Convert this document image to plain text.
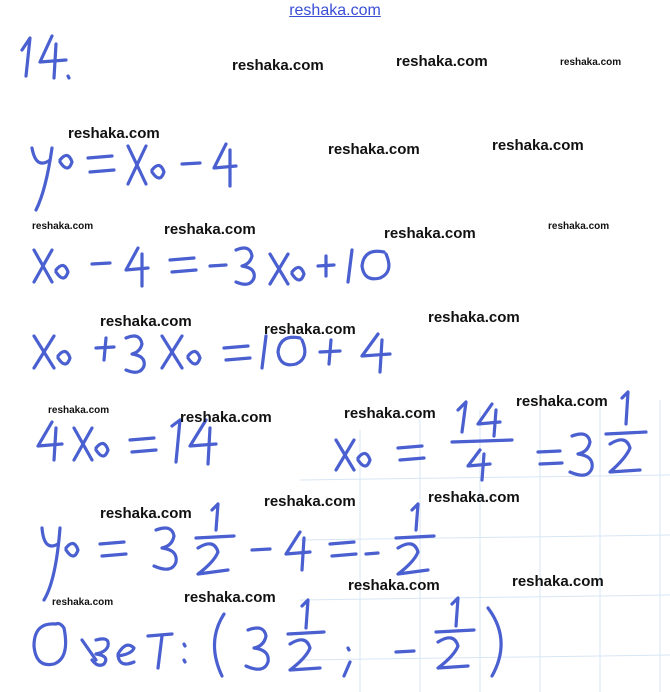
reshaka.com
reshaka.com	reshaka.com	reshaka.com
reshaka.com
reshaka.com	reshaka.com
reshaka.com	reshaka.com	reshaka.com	reshaka.com
reshaka.com	reshaka.com
reshaka.com
reshaka.com	reshaka.com	reshaka.com
reshaka.com
reshaka.com
reshaka.com	reshaka.com
reshaka.com	reshaka.com
reshaka.com	reshaka.com
